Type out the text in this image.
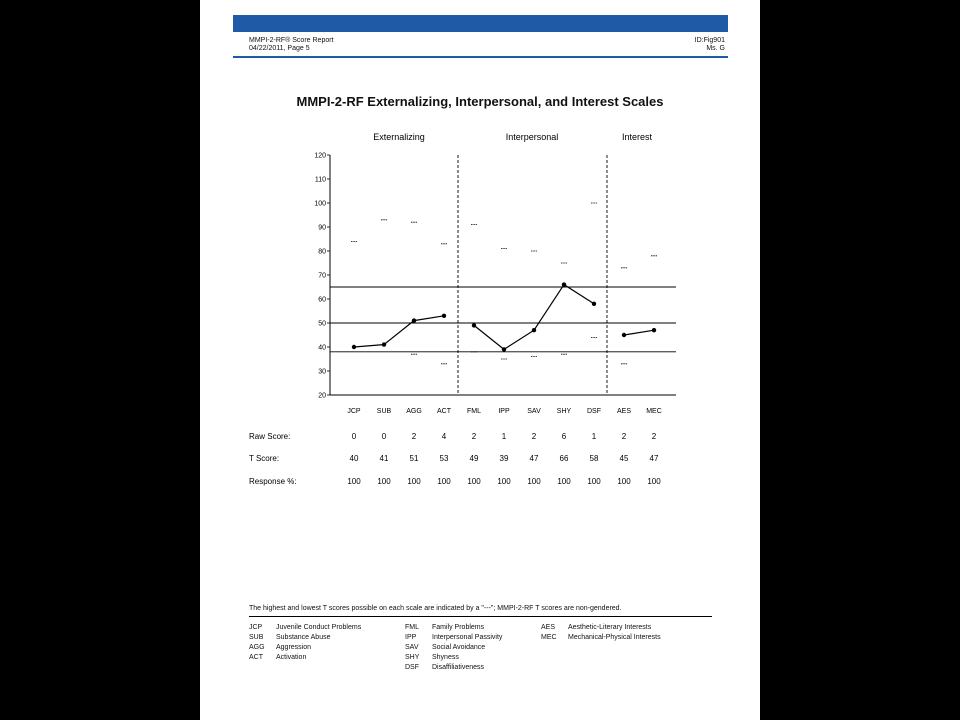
MMPI-2-RF® Score Report
04/22/2011, Page 5
ID:Fig901
Ms. G
MMPI-2-RF Externalizing, Interpersonal, and Interest Scales
20
30
40
50
60
70
80
90
100
110
120
Externalizing	Interpersonal	Interest
JCP SUB AGG ACT FML IPP	SAV SHY DSF AES MEC
Raw Score:	0	0	2	4	2	1	2	6	1	2	2
T Score:	40	41	51	53	49	39	47	66	58	45	47
Response %:	100 100 100 100 100 100 100 100 100 100 100
The highest and lowest T scores possible on each scale are indicated by a "---"; MMPI-2-RF T scores are non-gendered.
JCP	Juvenile Conduct Problems
SUB	Substance Abuse
AGG	Aggression
ACT	Activation
FML	Family Problems
IPP	Interpersonal Passivity
SAV	Social Avoidance
SHY	Shyness
DSF	Disaffiliativeness
AES	Aesthetic-Literary Interests
MEC	Mechanical-Physical Interests
